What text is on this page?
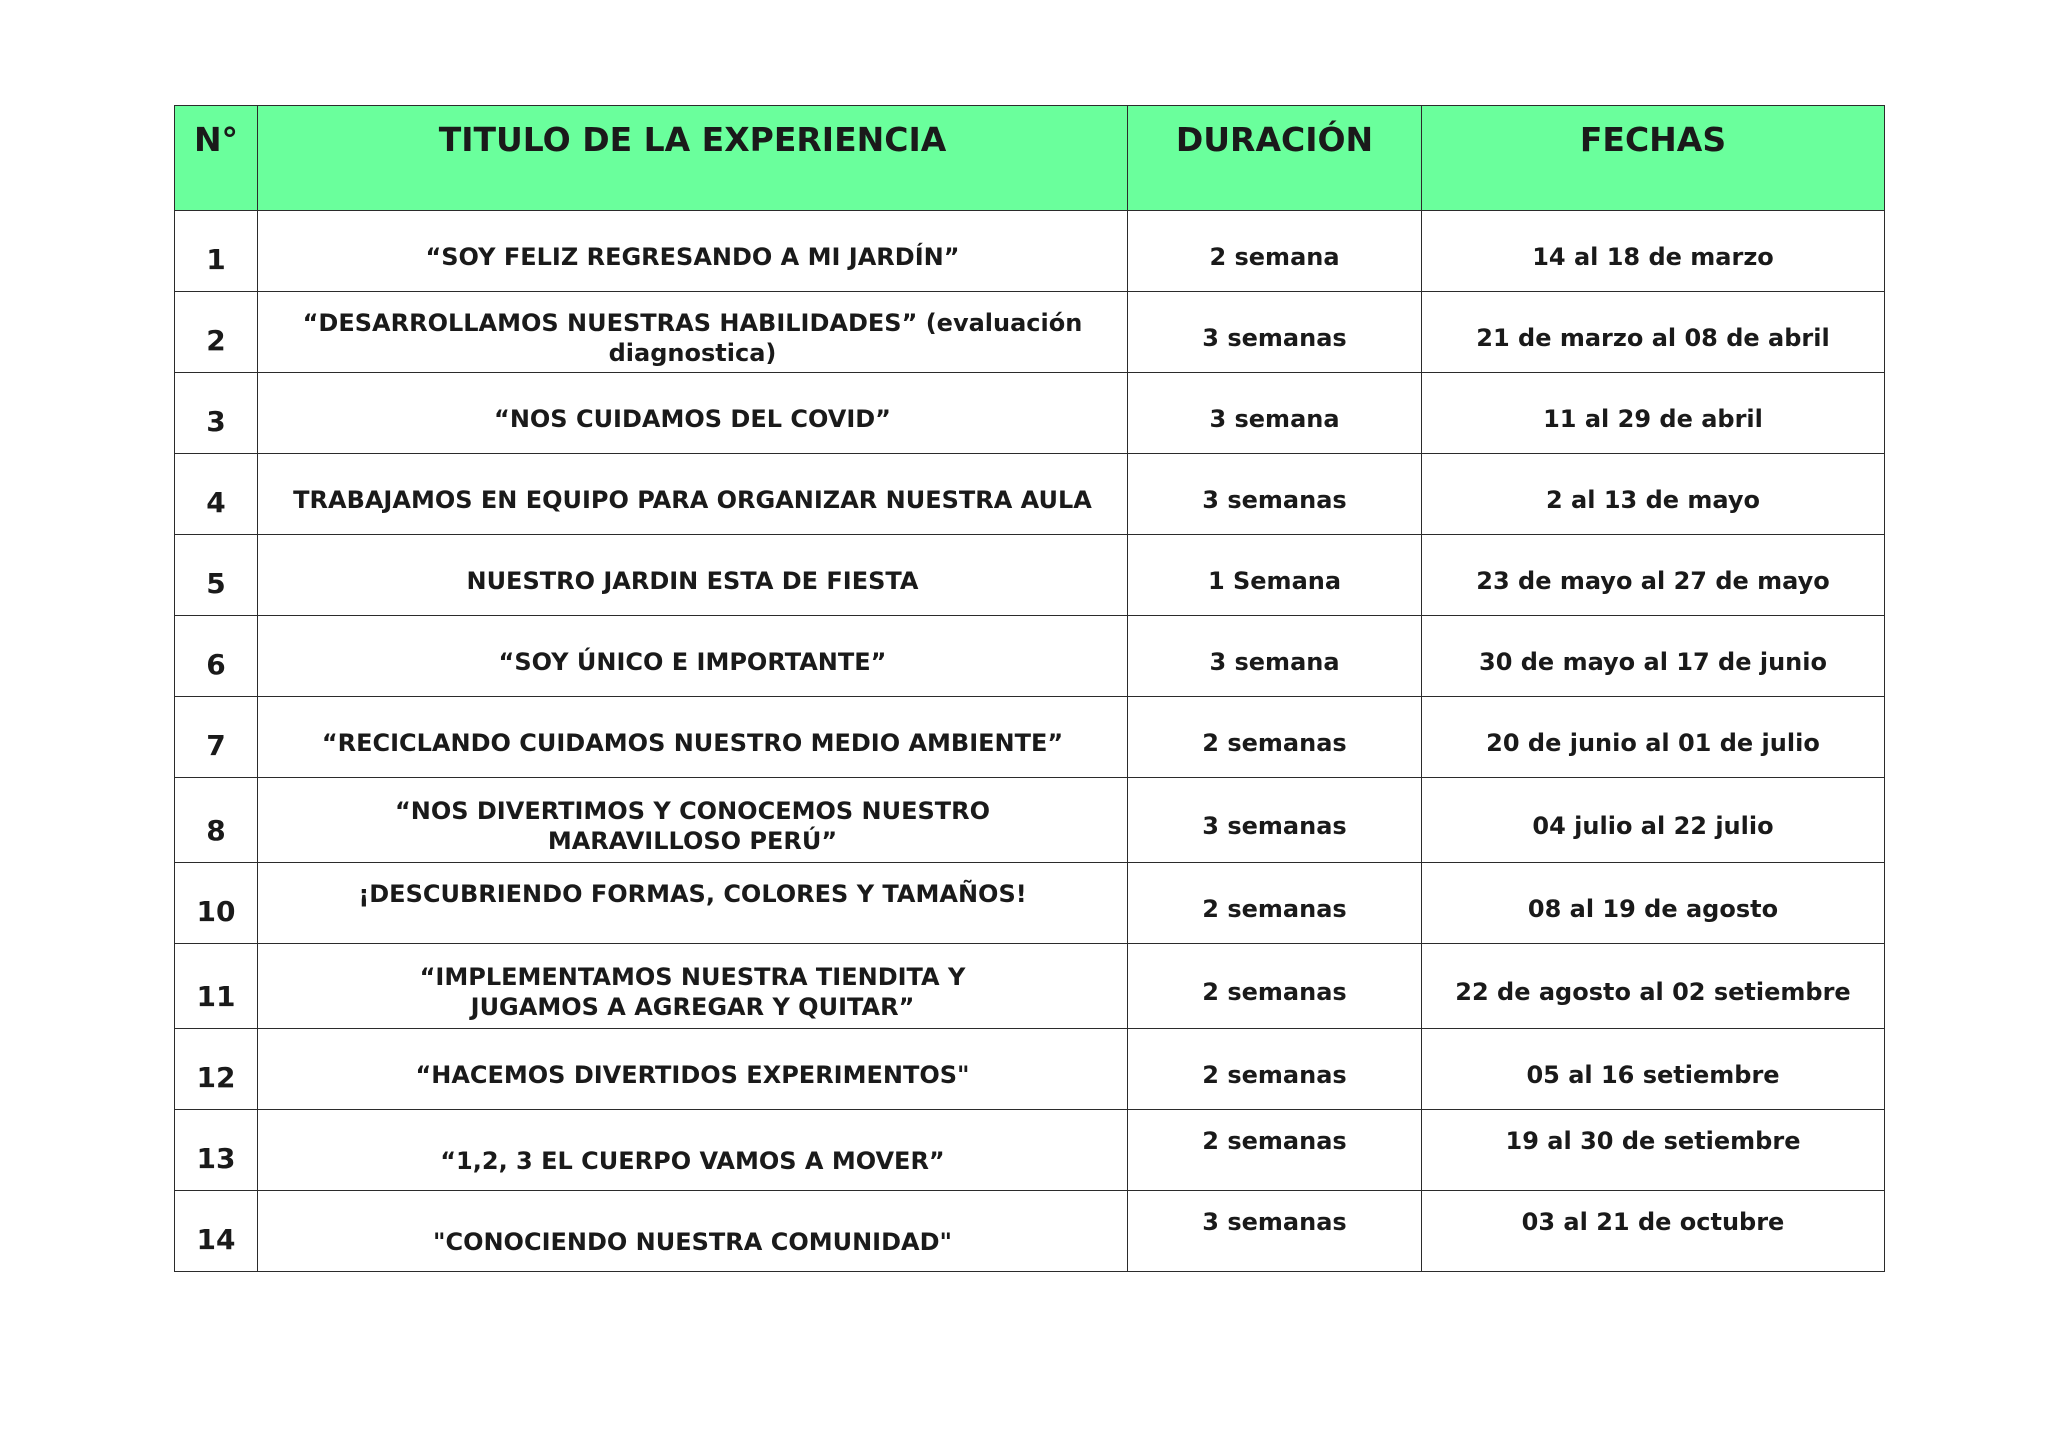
N°	TITULO DE LA EXPERIENCIA	DURACIÓN	FECHAS
1	“SOY FELIZ REGRESANDO A MI JARDÍN”	2 semana	14 al 18 de marzo
2	“DESARROLLAMOS NUESTRAS HABILIDADES” (evaluación diagnostica)	3 semanas	21 de marzo al 08 de abril
3	“NOS CUIDAMOS DEL COVID”	3 semana	11 al 29 de abril
4	TRABAJAMOS EN EQUIPO PARA ORGANIZAR NUESTRA AULA	3 semanas	2 al 13 de mayo
5	NUESTRO JARDIN ESTA DE FIESTA	1 Semana	23 de mayo al 27 de mayo
6	“SOY ÚNICO E IMPORTANTE”	3 semana	30 de mayo al 17 de junio
7	“RECICLANDO CUIDAMOS NUESTRO MEDIO AMBIENTE”	2 semanas	20 de junio al 01 de julio
8	“NOS DIVERTIMOS Y CONOCEMOS NUESTRO MARAVILLOSO PERÚ”	3 semanas	04 julio al 22 julio
10	¡DESCUBRIENDO FORMAS, COLORES Y TAMAÑOS!	2 semanas	08 al 19 de agosto
11	“IMPLEMENTAMOS NUESTRA TIENDITA Y JUGAMOS A AGREGAR Y QUITAR”	2 semanas	22 de agosto al 02 setiembre
12	“HACEMOS DIVERTIDOS EXPERIMENTOS"	2 semanas	05 al 16 setiembre
13	“1,2, 3 EL CUERPO VAMOS A MOVER”	2 semanas	19 al 30 de setiembre
14	"CONOCIENDO NUESTRA COMUNIDAD"	3 semanas	03 al 21 de octubre
